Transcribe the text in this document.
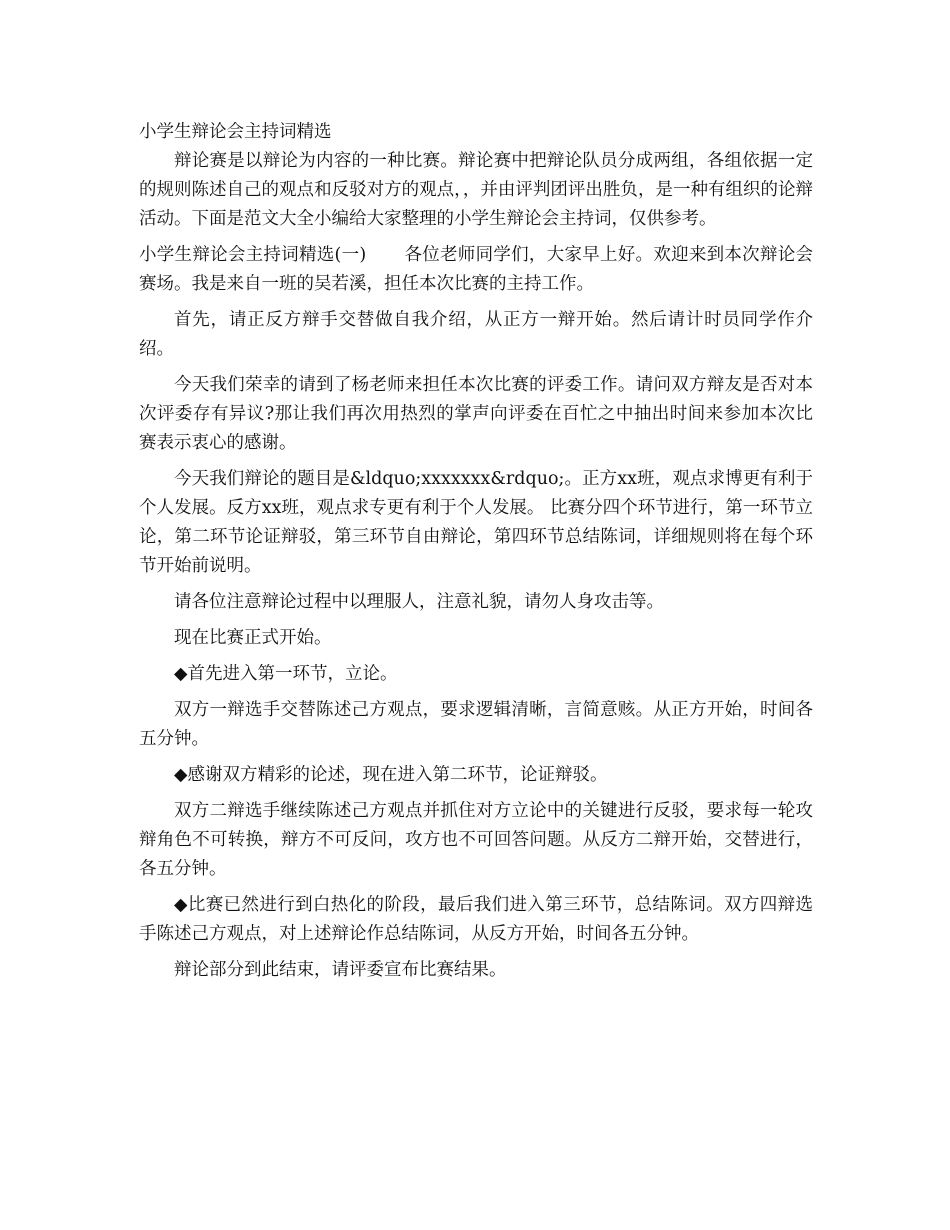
小学生辩论会主持词精选

辩论赛是以辩论为内容的一种比赛。辩论赛中把辩论队员分成两组，各组依据一定的规则陈述自己的观点和反驳对方的观点，，并由评判团评出胜负，是一种有组织的论辩活动。下面是范文大全小编给大家整理的小学生辩论会主持词，仅供参考。

小学生辩论会主持词精选(一) 各位老师同学们，大家早上好。欢迎来到本次辩论会赛场。我是来自一班的吴若溪，担任本次比赛的主持工作。

首先，请正反方辩手交替做自我介绍，从正方一辩开始。然后请计时员同学作介绍。

今天我们荣幸的请到了杨老师来担任本次比赛的评委工作。请问双方辩友是否对本次评委存有异议?那让我们再次用热烈的掌声向评委在百忙之中抽出时间来参加本次比赛表示衷心的感谢。

今天我们辩论的题目是&ldquo;xxxxxxx&rdquo;。正方xx班，观点求博更有利于个人发展。反方xx班，观点求专更有利于个人发展。 比赛分四个环节进行，第一环节立论，第二环节论证辩驳，第三环节自由辩论，第四环节总结陈词，详细规则将在每个环节开始前说明。

请各位注意辩论过程中以理服人，注意礼貌，请勿人身攻击等。

现在比赛正式开始。

◆首先进入第一环节，立论。

双方一辩选手交替陈述己方观点，要求逻辑清晰，言简意赅。从正方开始，时间各五分钟。

◆感谢双方精彩的论述，现在进入第二环节，论证辩驳。

双方二辩选手继续陈述己方观点并抓住对方立论中的关键进行反驳，要求每一轮攻辩角色不可转换，辩方不可反问，攻方也不可回答问题。从反方二辩开始，交替进行，各五分钟。

◆比赛已然进行到白热化的阶段，最后我们进入第三环节，总结陈词。双方四辩选手陈述己方观点，对上述辩论作总结陈词，从反方开始，时间各五分钟。

辩论部分到此结束，请评委宣布比赛结果。
